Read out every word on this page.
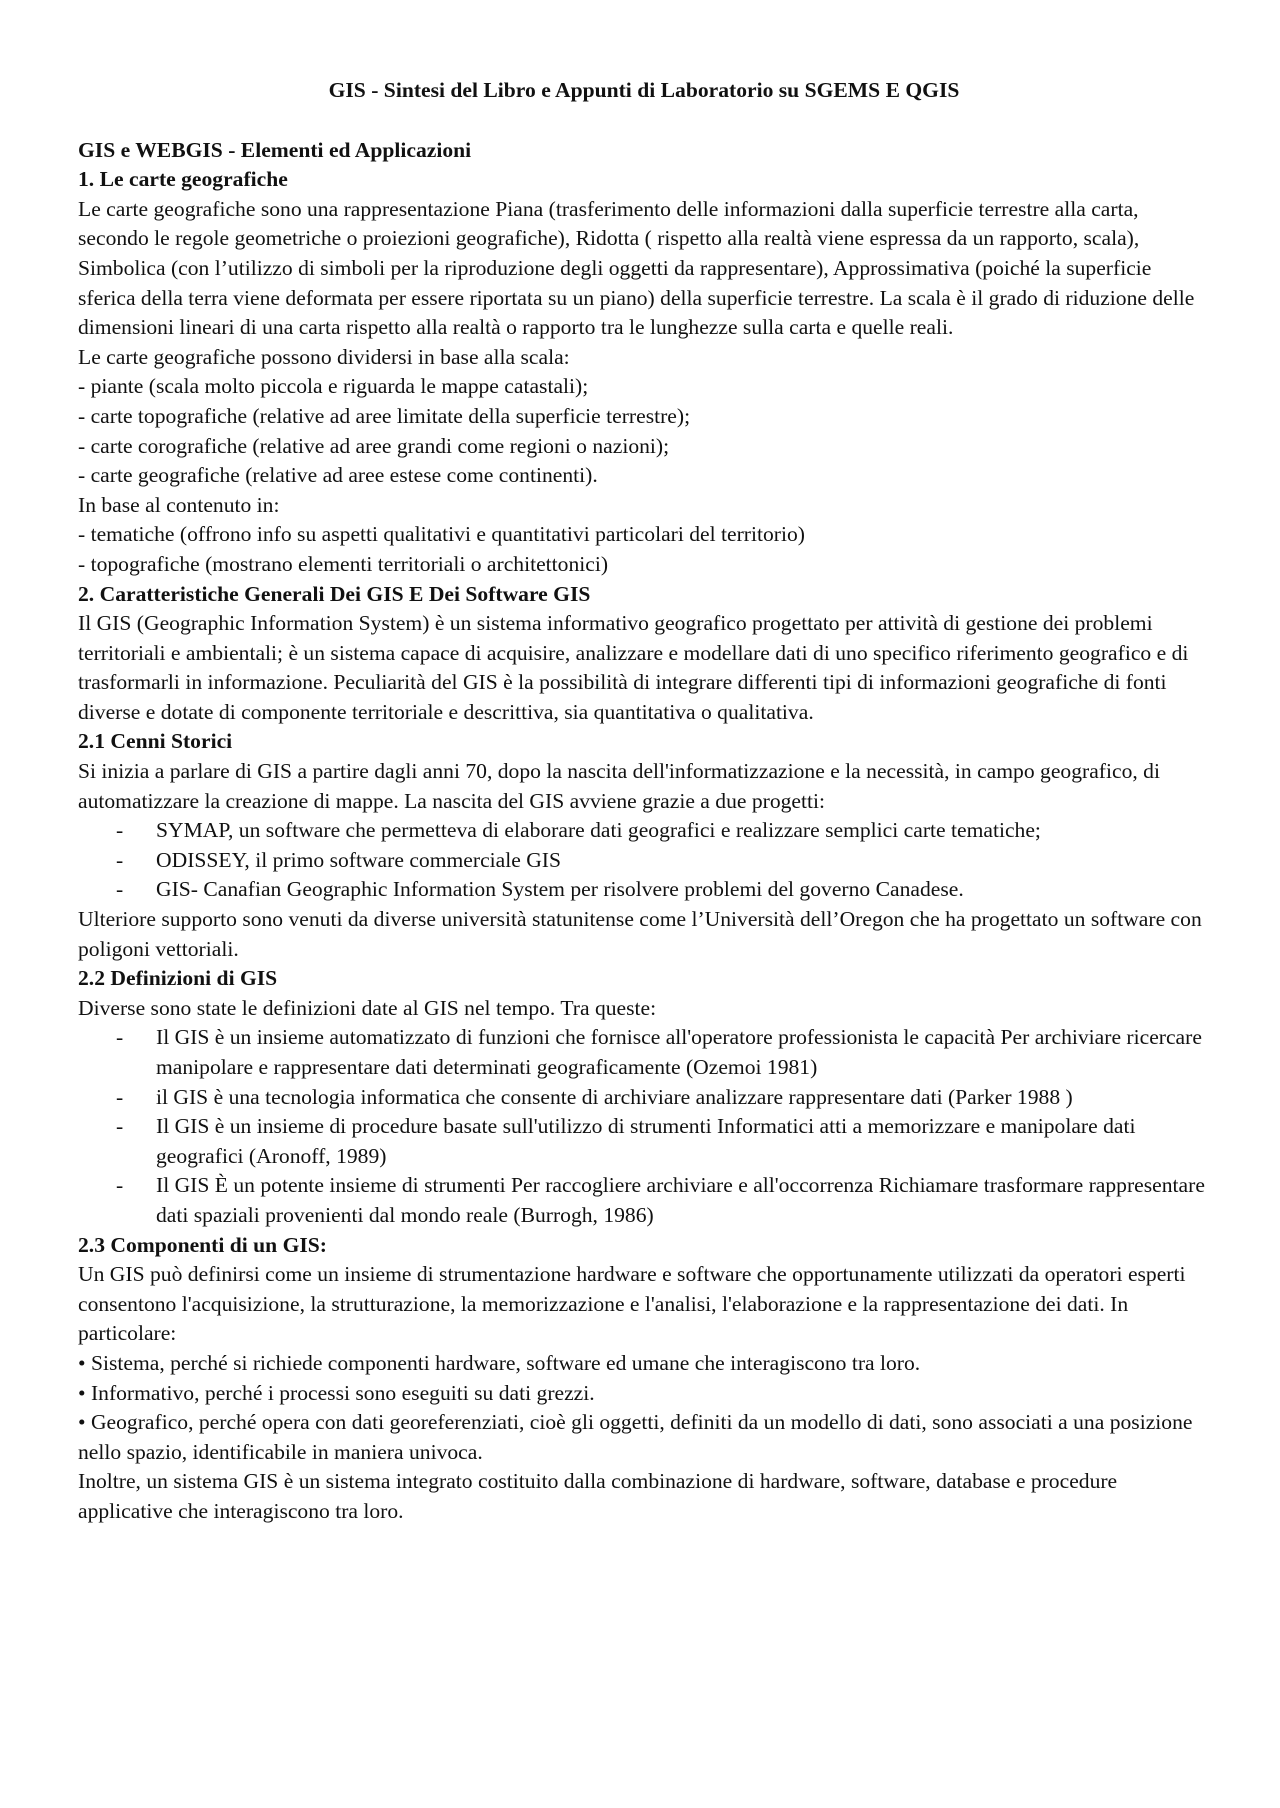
GIS - Sintesi del Libro e Appunti di Laboratorio su SGEMS E QGIS

GIS e WEBGIS - Elementi ed Applicazioni

1. Le carte geografiche

Le carte geografiche sono una rappresentazione Piana (trasferimento delle informazioni dalla superficie terrestre alla carta, secondo le regole geometriche o proiezioni geografiche), Ridotta ( rispetto alla realtà viene espressa da un rapporto, scala), Simbolica (con l’utilizzo di simboli per la riproduzione degli oggetti da rappresentare), Approssimativa (poiché la superficie sferica della terra viene deformata per essere riportata su un piano) della superficie terrestre. La scala è il grado di riduzione delle dimensioni lineari di una carta rispetto alla realtà o rapporto tra le lunghezze sulla carta e quelle reali.

Le carte geografiche possono dividersi in base alla scala:

- piante (scala molto piccola e riguarda le mappe catastali);

- carte topografiche (relative ad aree limitate della superficie terrestre);

- carte corografiche (relative ad aree grandi come regioni o nazioni);

- carte geografiche (relative ad aree estese come continenti).

In base al contenuto in:

- tematiche (offrono info su aspetti qualitativi e quantitativi particolari del territorio)

- topografiche (mostrano elementi territoriali o architettonici)

2. Caratteristiche Generali Dei GIS E Dei Software GIS

Il GIS (Geographic Information System) è un sistema informativo geografico progettato per attività di gestione dei problemi territoriali e ambientali; è un sistema capace di acquisire, analizzare e modellare dati di uno specifico riferimento geografico e di trasformarli in informazione. Peculiarità del GIS è la possibilità di integrare differenti tipi di informazioni geografiche di fonti diverse e dotate di componente territoriale e descrittiva, sia quantitativa o qualitativa.

2.1 Cenni Storici

Si inizia a parlare di GIS a partire dagli anni 70, dopo la nascita dell'informatizzazione e la necessità, in campo geografico, di automatizzare la creazione di mappe. La nascita del GIS avviene grazie a due progetti:

- SYMAP, un software che permetteva di elaborare dati geografici e realizzare semplici carte tematiche;
- ODISSEY, il primo software commerciale GIS
- GIS- Canafian Geographic Information System per risolvere problemi del governo Canadese.

Ulteriore supporto sono venuti da diverse università statunitense come l’Università dell’Oregon che ha progettato un software con poligoni vettoriali.

2.2 Definizioni di GIS

Diverse sono state le definizioni date al GIS nel tempo. Tra queste:

- Il GIS è un insieme automatizzato di funzioni che fornisce all'operatore professionista le capacità Per archiviare ricercare manipolare e rappresentare dati determinati geograficamente (Ozemoi 1981)
- il GIS è una tecnologia informatica che consente di archiviare analizzare rappresentare dati (Parker 1988 )
- Il GIS è un insieme di procedure basate sull'utilizzo di strumenti Informatici atti a memorizzare e manipolare dati geografici (Aronoff, 1989)
- Il GIS È un potente insieme di strumenti Per raccogliere archiviare e all'occorrenza Richiamare trasformare rappresentare dati spaziali provenienti dal mondo reale (Burrogh, 1986)

2.3 Componenti di un GIS:

Un GIS può definirsi come un insieme di strumentazione hardware e software che opportunamente utilizzati da operatori esperti consentono l'acquisizione, la strutturazione, la memorizzazione e l'analisi, l'elaborazione e la rappresentazione dei dati. In particolare:

• Sistema, perché si richiede componenti hardware, software ed umane che interagiscono tra loro.

• Informativo, perché i processi sono eseguiti su dati grezzi.

• Geografico, perché opera con dati georeferenziati, cioè gli oggetti, definiti da un modello di dati, sono associati a una posizione nello spazio, identificabile in maniera univoca.

Inoltre, un sistema GIS è un sistema integrato costituito dalla combinazione di hardware, software, database e procedure applicative che interagiscono tra loro.
